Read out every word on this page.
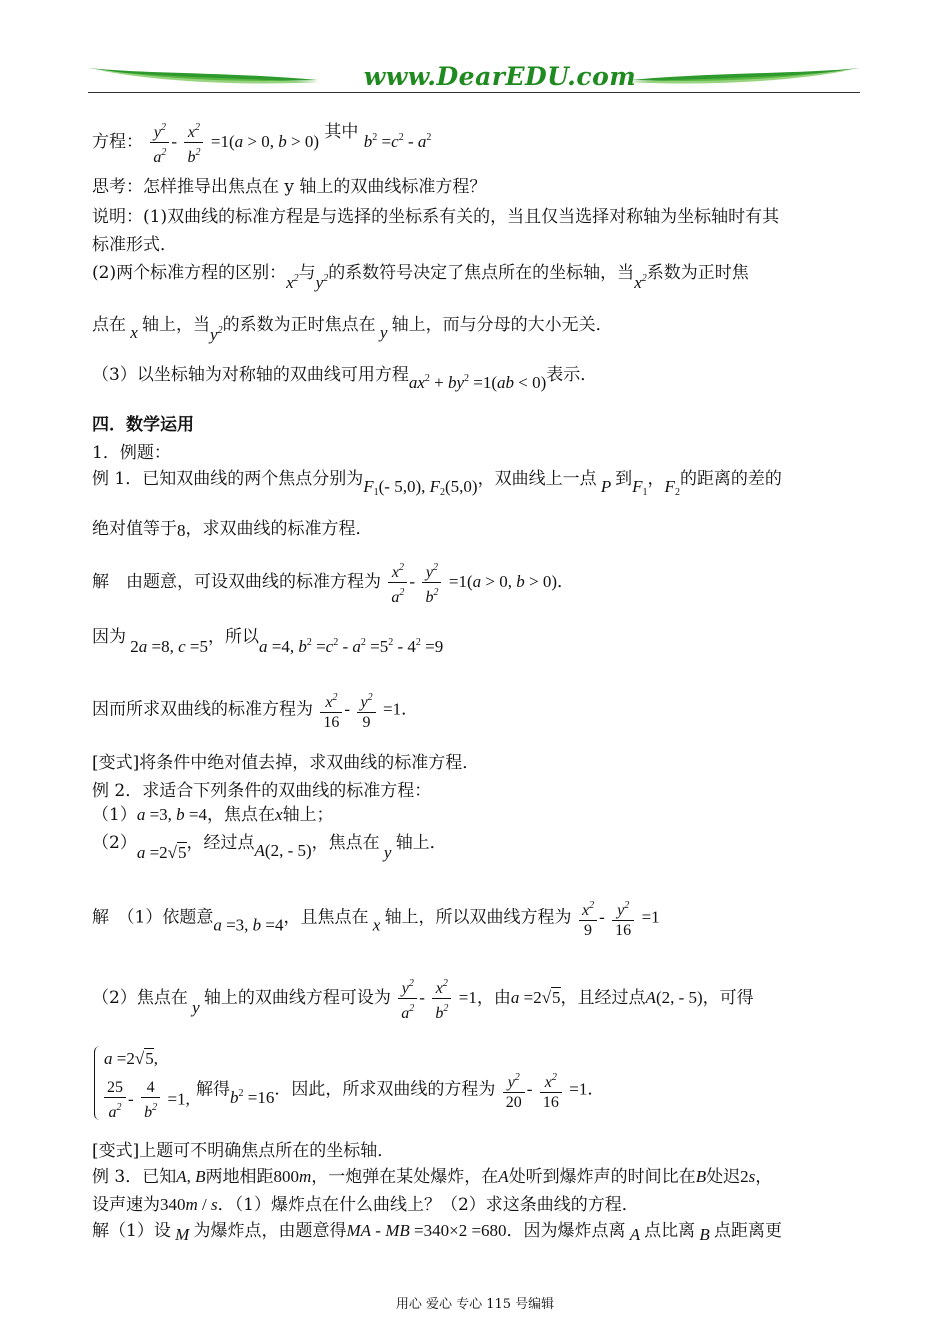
www.DearEDU.com
方程： $\frac{y^2}{a^2} - \frac{x^2}{b^2} =1(a > 0$, b > 0) 其中 $b^2 =c^2 - a^2$
思考：怎样推导出焦点在 y 轴上的双曲线标准方程？
说明：(1)双曲线的标准方程是与选择的坐标系有关的，当且仅当选择对称轴为坐标轴时有其
标准形式．
(2)两个标准方程的区别：$x^2$与$y^2$的系数符号决定了焦点所在的坐标轴，当$x^2$系数为正时焦
点在 x 轴上，当$y^2$的系数为正时焦点在 y 轴上，而与分母的大小无关．
（3）以坐标轴为对称轴的双曲线可用方程$ax^2 + by^2 =1(ab < 0)$表示．
四．数学运用
1．例题：
例 1．已知双曲线的两个焦点分别为$F_1(-$ 5,0), $F_2(5,0)$，双曲线上一点 P 到$F_1$，$F_2$的距离的差的
绝对值等于8，求双曲线的标准方程．
解　由题意，可设双曲线的标准方程为 $\frac{x^2}{a^2} - \frac{y^2}{b^2} =1(a > 0$, b > 0)．
因为 2a =8, c =5，所以a =4, $b^2 =c^2 - a^2 =5^2 - 4^2 =9$
因而所求双曲线的标准方程为 $\frac{x^2}{16} - \frac{y^2}{9} =1$．
[变式]将条件中绝对值去掉，求双曲线的标准方程．
例 2．求适合下列条件的双曲线的标准方程：
（1）a =3, b =4，焦点在x轴上；
（2）a =2√5，经过点A(2, - 5)，焦点在 y 轴上．
解　（1）依题意a =3, b =4，且焦点在 x 轴上，所以双曲线方程为 $\frac{x^2}{9} - \frac{y^2}{16} =1$
（2）焦点在 y 轴上的双曲线方程可设为 $\frac{y^2}{a^2} - \frac{x^2}{b^2} =1$，由a =2√5，且经过点A(2, - 5)，可得
a =2√5,
$\frac{25}{a^2} - \frac{4}{b^2} =1$, 解得$b^2 =16$．因此，所求双曲线的方程为 $\frac{y^2}{20} - \frac{x^2}{16} =1$．
[变式]上题可不明确焦点所在的坐标轴．
例 3．已知A, B两地相距800m，一炮弹在某处爆炸，在A处听到爆炸声的时间比在B处迟2s，
设声速为340m / s．（1）爆炸点在什么曲线上？（2）求这条曲线的方程．
解（1）设 M 为爆炸点，由题意得MA - MB =340×2 =680．因为爆炸点离 A 点比离 B 点距离更
用心 爱心 专心 115 号编辑
